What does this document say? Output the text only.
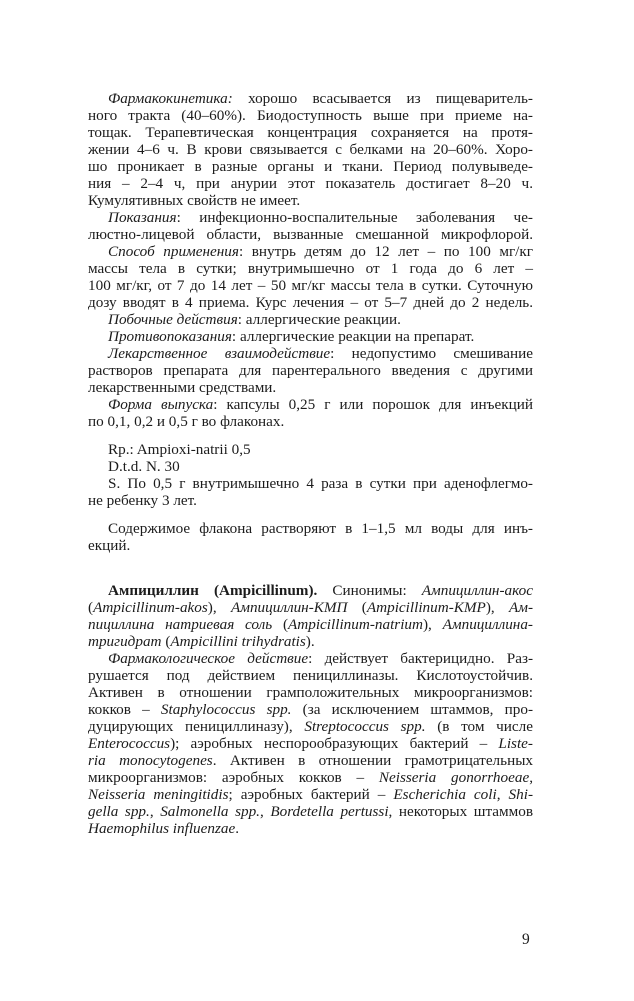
Фармакокинетика: хорошо всасывается из пищеваритель-
ного тракта (40–60%). Биодоступность выше при приеме на-
тощак. Терапевтическая концентрация сохраняется на протя-
жении 4–6 ч. В крови связывается с белками на 20–60%. Хоро-
шо проникает в разные органы и ткани. Период полувыведе-
ния – 2–4 ч, при анурии этот показатель достигает 8–20 ч.
Кумулятивных свойств не имеет.
Показания: инфекционно-воспалительные заболевания че-
люстно-лицевой области, вызванные смешанной микрофлорой.
Способ применения: внутрь детям до 12 лет – по 100 мг/кг
массы тела в сутки; внутримышечно от 1 года до 6 лет –
100 мг/кг, от 7 до 14 лет – 50 мг/кг массы тела в сутки. Суточную
дозу вводят в 4 приема. Курс лечения – от 5–7 дней до 2 недель.
Побочные действия: аллергические реакции.
Противопоказания: аллергические реакции на препарат.
Лекарственное взаимодействие: недопустимо смешивание
растворов препарата для парентерального введения с другими
лекарственными средствами.
Форма выпуска: капсулы 0,25 г или порошок для инъекций
по 0,1, 0,2 и 0,5 г во флаконах.
Rp.: Ampioxi-natrii 0,5
D.t.d. N. 30
S. По 0,5 г внутримышечно 4 раза в сутки при аденофлегмо-
не ребенку 3 лет.
Содержимое флакона растворяют в 1–1,5 мл воды для инъ-
екций.
Ампициллин (Ampicillinum). Синонимы: Ампициллин-акос
(Ampicillinum-akos), Ампициллин-КМП (Ampicillinum-KMP), Ам-
пициллина натриевая соль (Ampicillinum-natrium), Ампициллина-
тригидрат (Ampicillini trihydratis).
Фармакологическое действие: действует бактерицидно. Раз-
рушается под действием пенициллиназы. Кислотоустойчив.
Активен в отношении грамположительных микроорганизмов:
кокков – Staphylococcus spp. (за исключением штаммов, про-
дуцирующих пенициллиназу), Streptococcus spp. (в том числе
Enterococcus); аэробных неспорообразующих бактерий – Liste-
ria monocytogenes. Активен в отношении грамотрицательных
микроорганизмов: аэробных кокков – Neisseria gonorrhoeae,
Neisseria meningitidis; аэробных бактерий – Escherichia coli, Shi-
gella spp., Salmonella spp., Bordetella pertussi, некоторых штаммов
Haemophilus influenzae.
9
